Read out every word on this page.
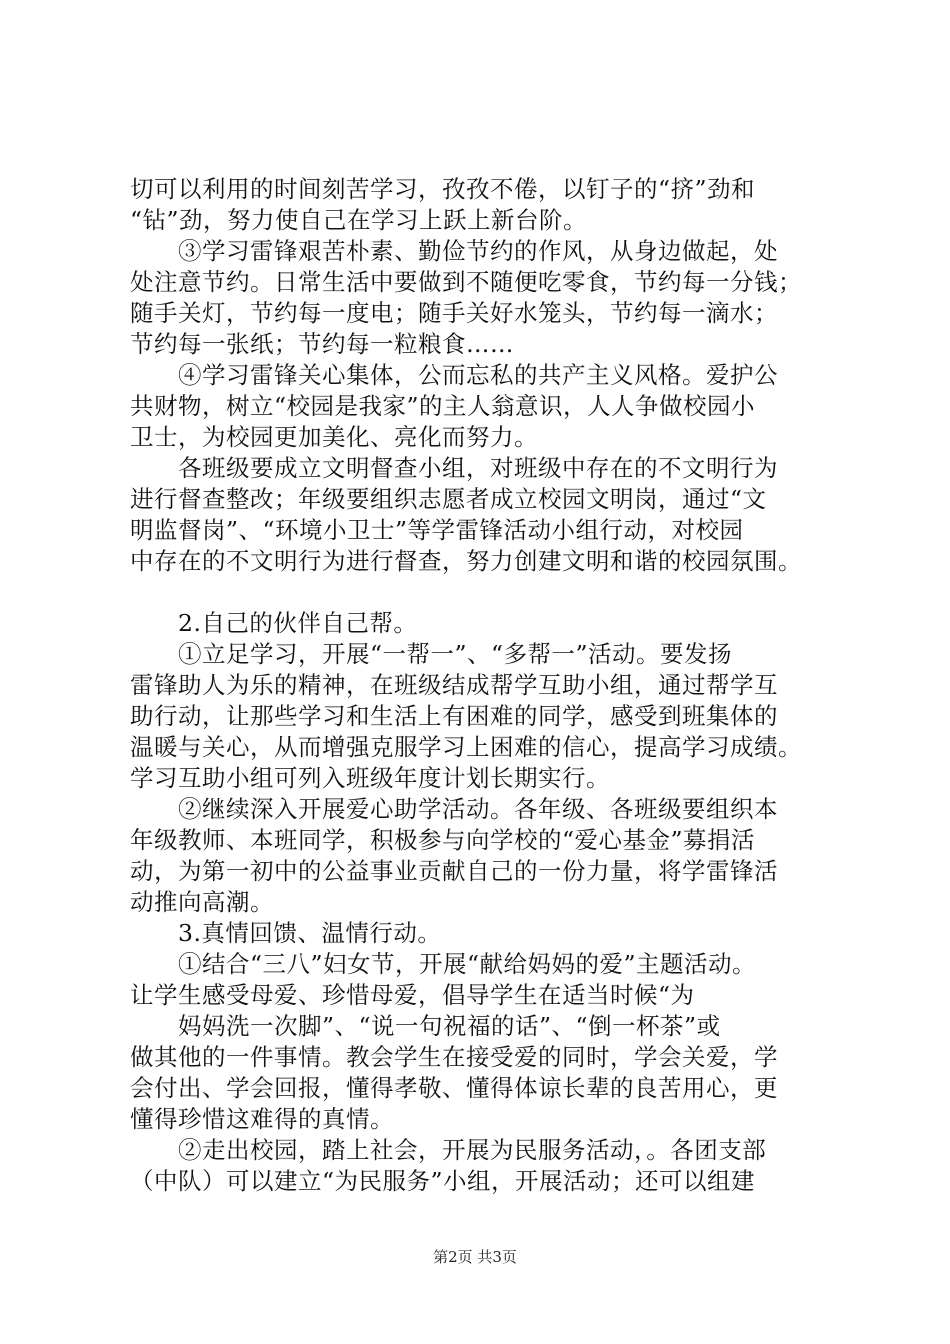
切可以利用的时间刻苦学习，孜孜不倦，以钉子的“挤”劲和
“钻”劲，努力使自己在学习上跃上新台阶。
③学习雷锋艰苦朴素、勤俭节约的作风，从身边做起，处
处注意节约。日常生活中要做到不随便吃零食，节约每一分钱；
随手关灯，节约每一度电；随手关好水笼头，节约每一滴水；
节约每一张纸；节约每一粒粮食……
④学习雷锋关心集体，公而忘私的共产主义风格。爱护公
共财物，树立“校园是我家”的主人翁意识，人人争做校园小
卫士，为校园更加美化、亮化而努力。
各班级要成立文明督查小组，对班级中存在的不文明行为
进行督查整改；年级要组织志愿者成立校园文明岗，通过“文
明监督岗”、“环境小卫士”等学雷锋活动小组行动，对校园
中存在的不文明行为进行督查，努力创建文明和谐的校园氛围。
2.自己的伙伴自己帮。
①立足学习，开展“一帮一”、“多帮一”活动。要发扬
雷锋助人为乐的精神，在班级结成帮学互助小组，通过帮学互
助行动，让那些学习和生活上有困难的同学，感受到班集体的
温暖与关心，从而增强克服学习上困难的信心，提高学习成绩。
学习互助小组可列入班级年度计划长期实行。
②继续深入开展爱心助学活动。各年级、各班级要组织本
年级教师、本班同学，积极参与向学校的“爱心基金”募捐活
动，为第一初中的公益事业贡献自己的一份力量，将学雷锋活
动推向高潮。
3.真情回馈、温情行动。
①结合“三八”妇女节，开展“献给妈妈的爱”主题活动。
让学生感受母爱、珍惜母爱，倡导学生在适当时候“为
妈妈洗一次脚”、“说一句祝福的话”、“倒一杯茶”或
做其他的一件事情。教会学生在接受爱的同时，学会关爱，学
会付出、学会回报，懂得孝敬、懂得体谅长辈的良苦用心，更
懂得珍惜这难得的真情。
②走出校园，踏上社会，开展为民服务活动，。各团支部
（中队）可以建立“为民服务”小组，开展活动；还可以组建
第2页 共3页
